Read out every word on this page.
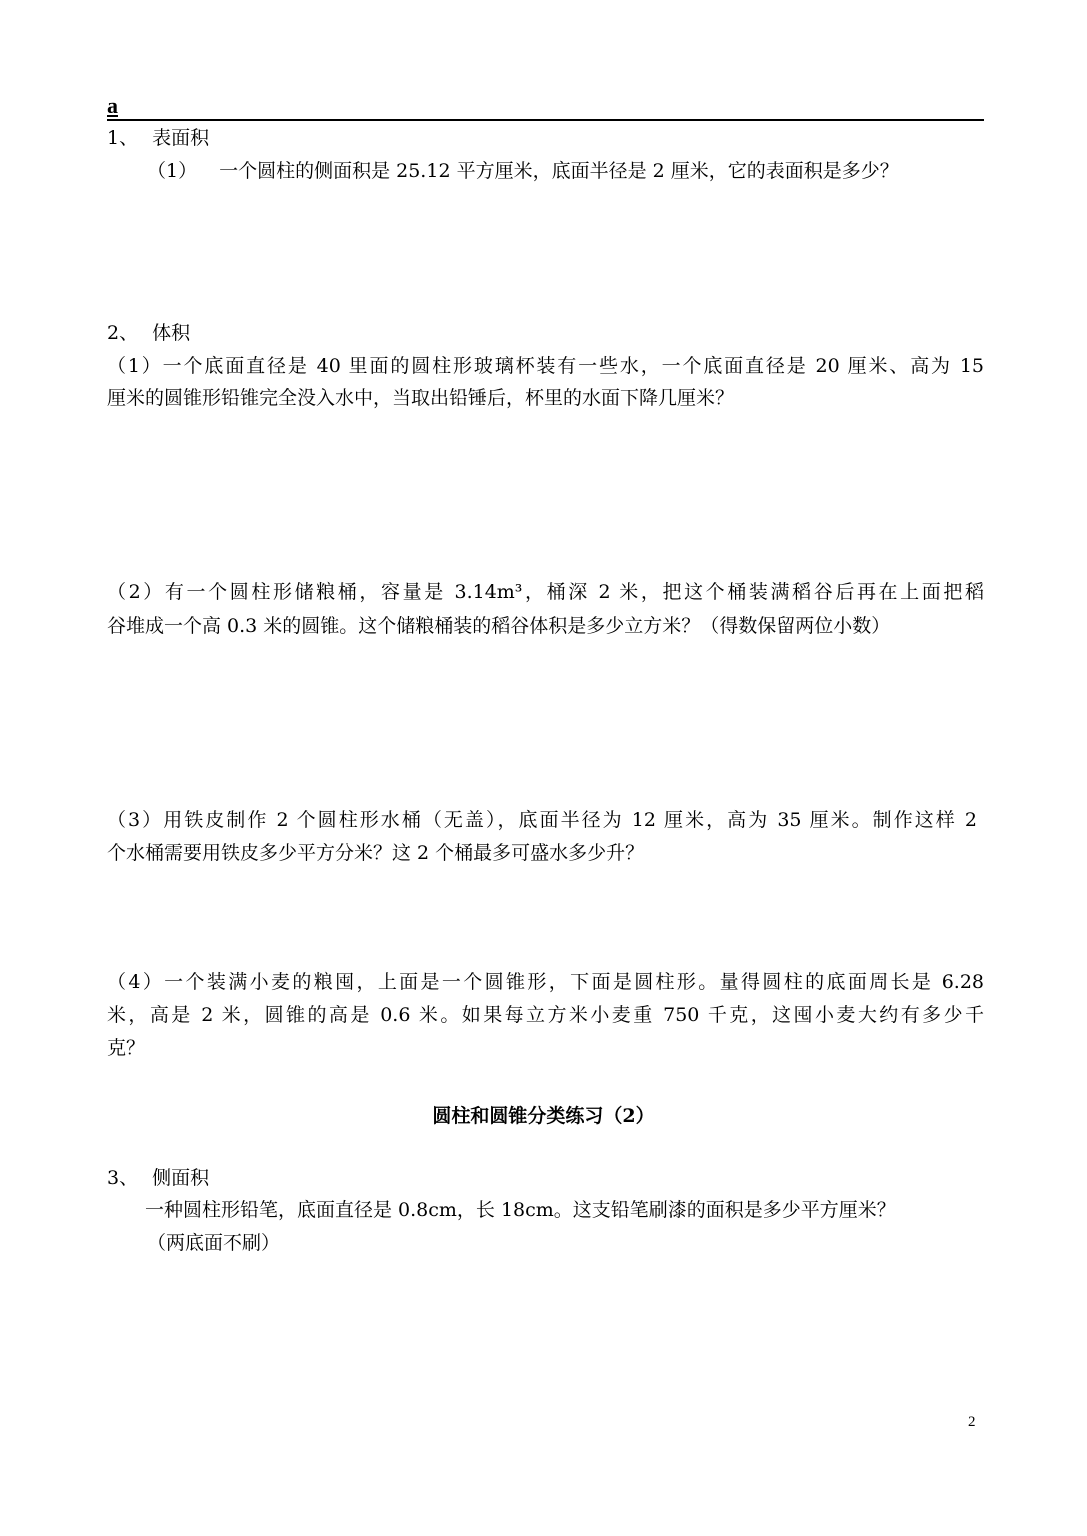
a
1、 表面积
（1） 一个圆柱的侧面积是 25.12 平方厘米，底面半径是 2 厘米，它的表面积是多少？
2、 体积
（1）一个底面直径是 40 里面的圆柱形玻璃杯装有一些水，一个底面直径是 20 厘米、高为 15
厘米的圆锥形铅锥完全没入水中，当取出铅锤后，杯里的水面下降几厘米？
（2）有一个圆柱形储粮桶，容量是 3.14m³，桶深 2 米，把这个桶装满稻谷后再在上面把稻
谷堆成一个高 0.3 米的圆锥。这个储粮桶装的稻谷体积是多少立方米？（得数保留两位小数）
（3）用铁皮制作 2 个圆柱形水桶（无盖），底面半径为 12 厘米，高为 35 厘米。制作这样 2
个水桶需要用铁皮多少平方分米？这 2 个桶最多可盛水多少升？
（4）一个装满小麦的粮囤，上面是一个圆锥形，下面是圆柱形。量得圆柱的底面周长是 6.28
米，高是 2 米，圆锥的高是 0.6 米。如果每立方米小麦重 750 千克，这囤小麦大约有多少千
克？
圆柱和圆锥分类练习（2）
3、 侧面积
一种圆柱形铅笔，底面直径是 0.8cm，长 18cm。这支铅笔刷漆的面积是多少平方厘米？
（两底面不刷）
2
